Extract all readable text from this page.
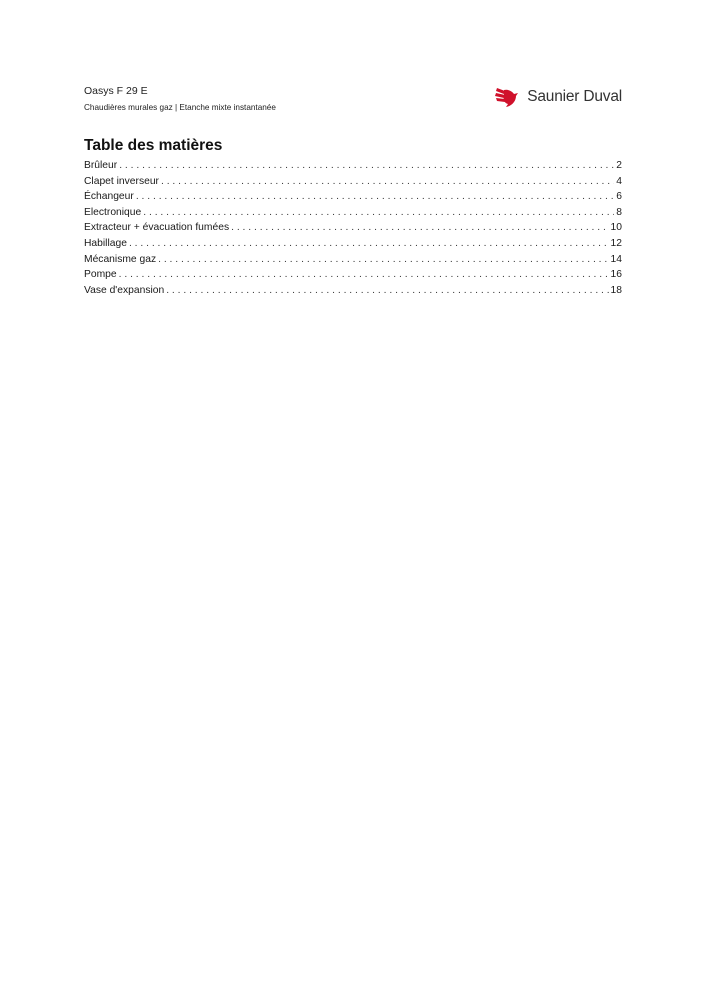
Oasys F 29 E
Chaudières murales gaz | Etanche mixte instantanée
Saunier Duval
Table des matières
Brûleur . . .	2
Clapet inverseur . . .	4
Échangeur . . .	6
Electronique . . .	8
Extracteur + évacuation fumées . . .	10
Habillage . . .	12
Mécanisme gaz . . .	14
Pompe . . .	16
Vase d'expansion . . .	18
